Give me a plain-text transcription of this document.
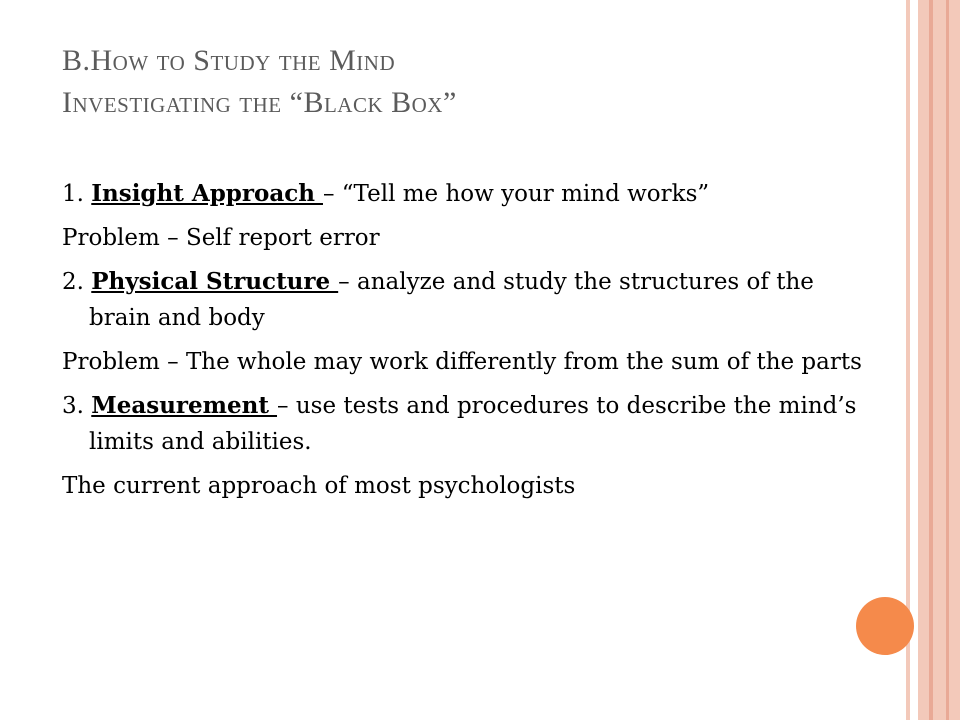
B.How to Study the Mind
Investigating the “Black Box”

1. Insight Approach – “Tell me how your mind works”

Problem – Self report error

2. Physical Structure – analyze and study the structures of the brain and body

Problem – The whole may work differently from the sum of the parts

3. Measurement – use tests and procedures to describe the mind’s limits and abilities.

The current approach of most psychologists
